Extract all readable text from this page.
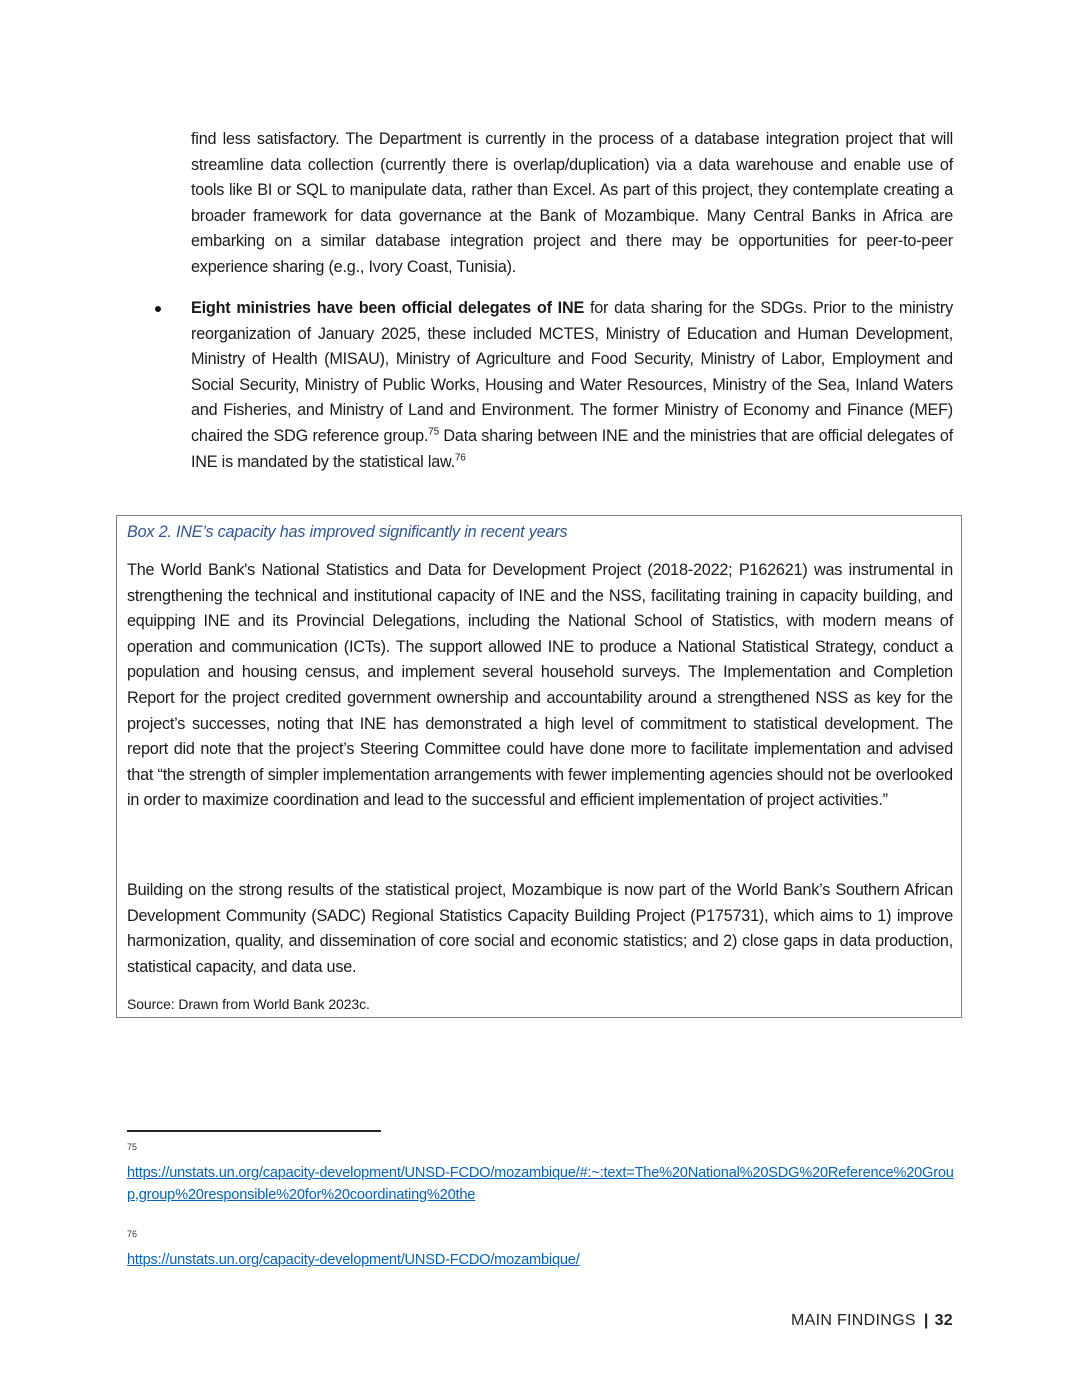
find less satisfactory. The Department is currently in the process of a database integration project that will streamline data collection (currently there is overlap/duplication) via a data warehouse and enable use of tools like BI or SQL to manipulate data, rather than Excel. As part of this project, they contemplate creating a broader framework for data governance at the Bank of Mozambique. Many Central Banks in Africa are embarking on a similar database integration project and there may be opportunities for peer-to-peer experience sharing (e.g., Ivory Coast, Tunisia).
Eight ministries have been official delegates of INE for data sharing for the SDGs. Prior to the ministry reorganization of January 2025, these included MCTES, Ministry of Education and Human Development, Ministry of Health (MISAU), Ministry of Agriculture and Food Security, Ministry of Labor, Employment and Social Security, Ministry of Public Works, Housing and Water Resources, Ministry of the Sea, Inland Waters and Fisheries, and Ministry of Land and Environment. The former Ministry of Economy and Finance (MEF) chaired the SDG reference group.$^{75}$ Data sharing between INE and the ministries that are official delegates of INE is mandated by the statistical law.$^{76}$
Box 2. INE’s capacity has improved significantly in recent years
The World Bank's National Statistics and Data for Development Project (2018-2022; P162621) was instrumental in strengthening the technical and institutional capacity of INE and the NSS, facilitating training in capacity building, and equipping INE and its Provincial Delegations, including the National School of Statistics, with modern means of operation and communication (ICTs). The support allowed INE to produce a National Statistical Strategy, conduct a population and housing census, and implement several household surveys. The Implementation and Completion Report for the project credited government ownership and accountability around a strengthened NSS as key for the project’s successes, noting that INE has demonstrated a high level of commitment to statistical development. The report did note that the project’s Steering Committee could have done more to facilitate implementation and advised that “the strength of simpler implementation arrangements with fewer implementing agencies should not be overlooked in order to maximize coordination and lead to the successful and efficient implementation of project activities.”
Building on the strong results of the statistical project, Mozambique is now part of the World Bank’s Southern African Development Community (SADC) Regional Statistics Capacity Building Project (P175731), which aims to 1) improve harmonization, quality, and dissemination of core social and economic statistics; and 2) close gaps in data production, statistical capacity, and data use.
Source: Drawn from World Bank 2023c.
75
https://unstats.un.org/capacity-development/UNSD-FCDO/mozambique/#:~:text=The%20National%20SDG%20Reference%20Group,group%20responsible%20for%20coordinating%20the
76
https://unstats.un.org/capacity-development/UNSD-FCDO/mozambique/
MAIN FINDINGS | 32
